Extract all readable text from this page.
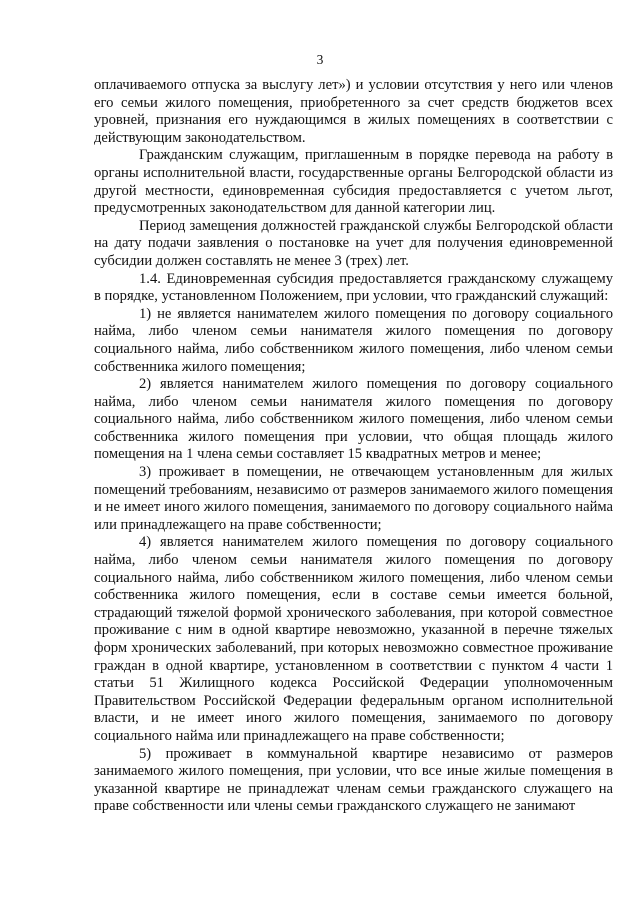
3

оплачиваемого отпуска за выслугу лет») и условии отсутствия у него или членов его семьи жилого помещения, приобретенного за счет средств бюджетов всех уровней, признания его нуждающимся в жилых помещениях в соответствии с действующим законодательством.

Гражданским служащим, приглашенным в порядке перевода на работу в органы исполнительной власти, государственные органы Белгородской области из другой местности, единовременная субсидия предоставляется с учетом льгот, предусмотренных законодательством для данной категории лиц.

Период замещения должностей гражданской службы Белгородской области на дату подачи заявления о постановке на учет для получения единовременной субсидии должен составлять не менее 3 (трех) лет.

1.4. Единовременная субсидия предоставляется гражданскому служащему в порядке, установленном Положением, при условии, что гражданский служащий:

1) не является нанимателем жилого помещения по договору социального найма, либо членом семьи нанимателя жилого помещения по договору социального найма, либо собственником жилого помещения, либо членом семьи собственника жилого помещения;

2) является нанимателем жилого помещения по договору социального найма, либо членом семьи нанимателя жилого помещения по договору социального найма, либо собственником жилого помещения, либо членом семьи собственника жилого помещения при условии, что общая площадь жилого помещения на 1 члена семьи составляет 15 квадратных метров и менее;

3) проживает в помещении, не отвечающем установленным для жилых помещений требованиям, независимо от размеров занимаемого жилого помещения и не имеет иного жилого помещения, занимаемого по договору социального найма или принадлежащего на праве собственности;

4) является нанимателем жилого помещения по договору социального найма, либо членом семьи нанимателя жилого помещения по договору социального найма, либо собственником жилого помещения, либо членом семьи собственника жилого помещения, если в составе семьи имеется больной, страдающий тяжелой формой хронического заболевания, при которой совместное проживание с ним в одной квартире невозможно, указанной в перечне тяжелых форм хронических заболеваний, при которых невозможно совместное проживание граждан в одной квартире, установленном в соответствии с пунктом 4 части 1 статьи 51 Жилищного кодекса Российской Федерации уполномоченным Правительством Российской Федерации федеральным органом исполнительной власти, и не имеет иного жилого помещения, занимаемого по договору социального найма или принадлежащего на праве собственности;

5) проживает в коммунальной квартире независимо от размеров занимаемого жилого помещения, при условии, что все иные жилые помещения в указанной квартире не принадлежат членам семьи гражданского служащего на праве собственности или члены семьи гражданского служащего не занимают
